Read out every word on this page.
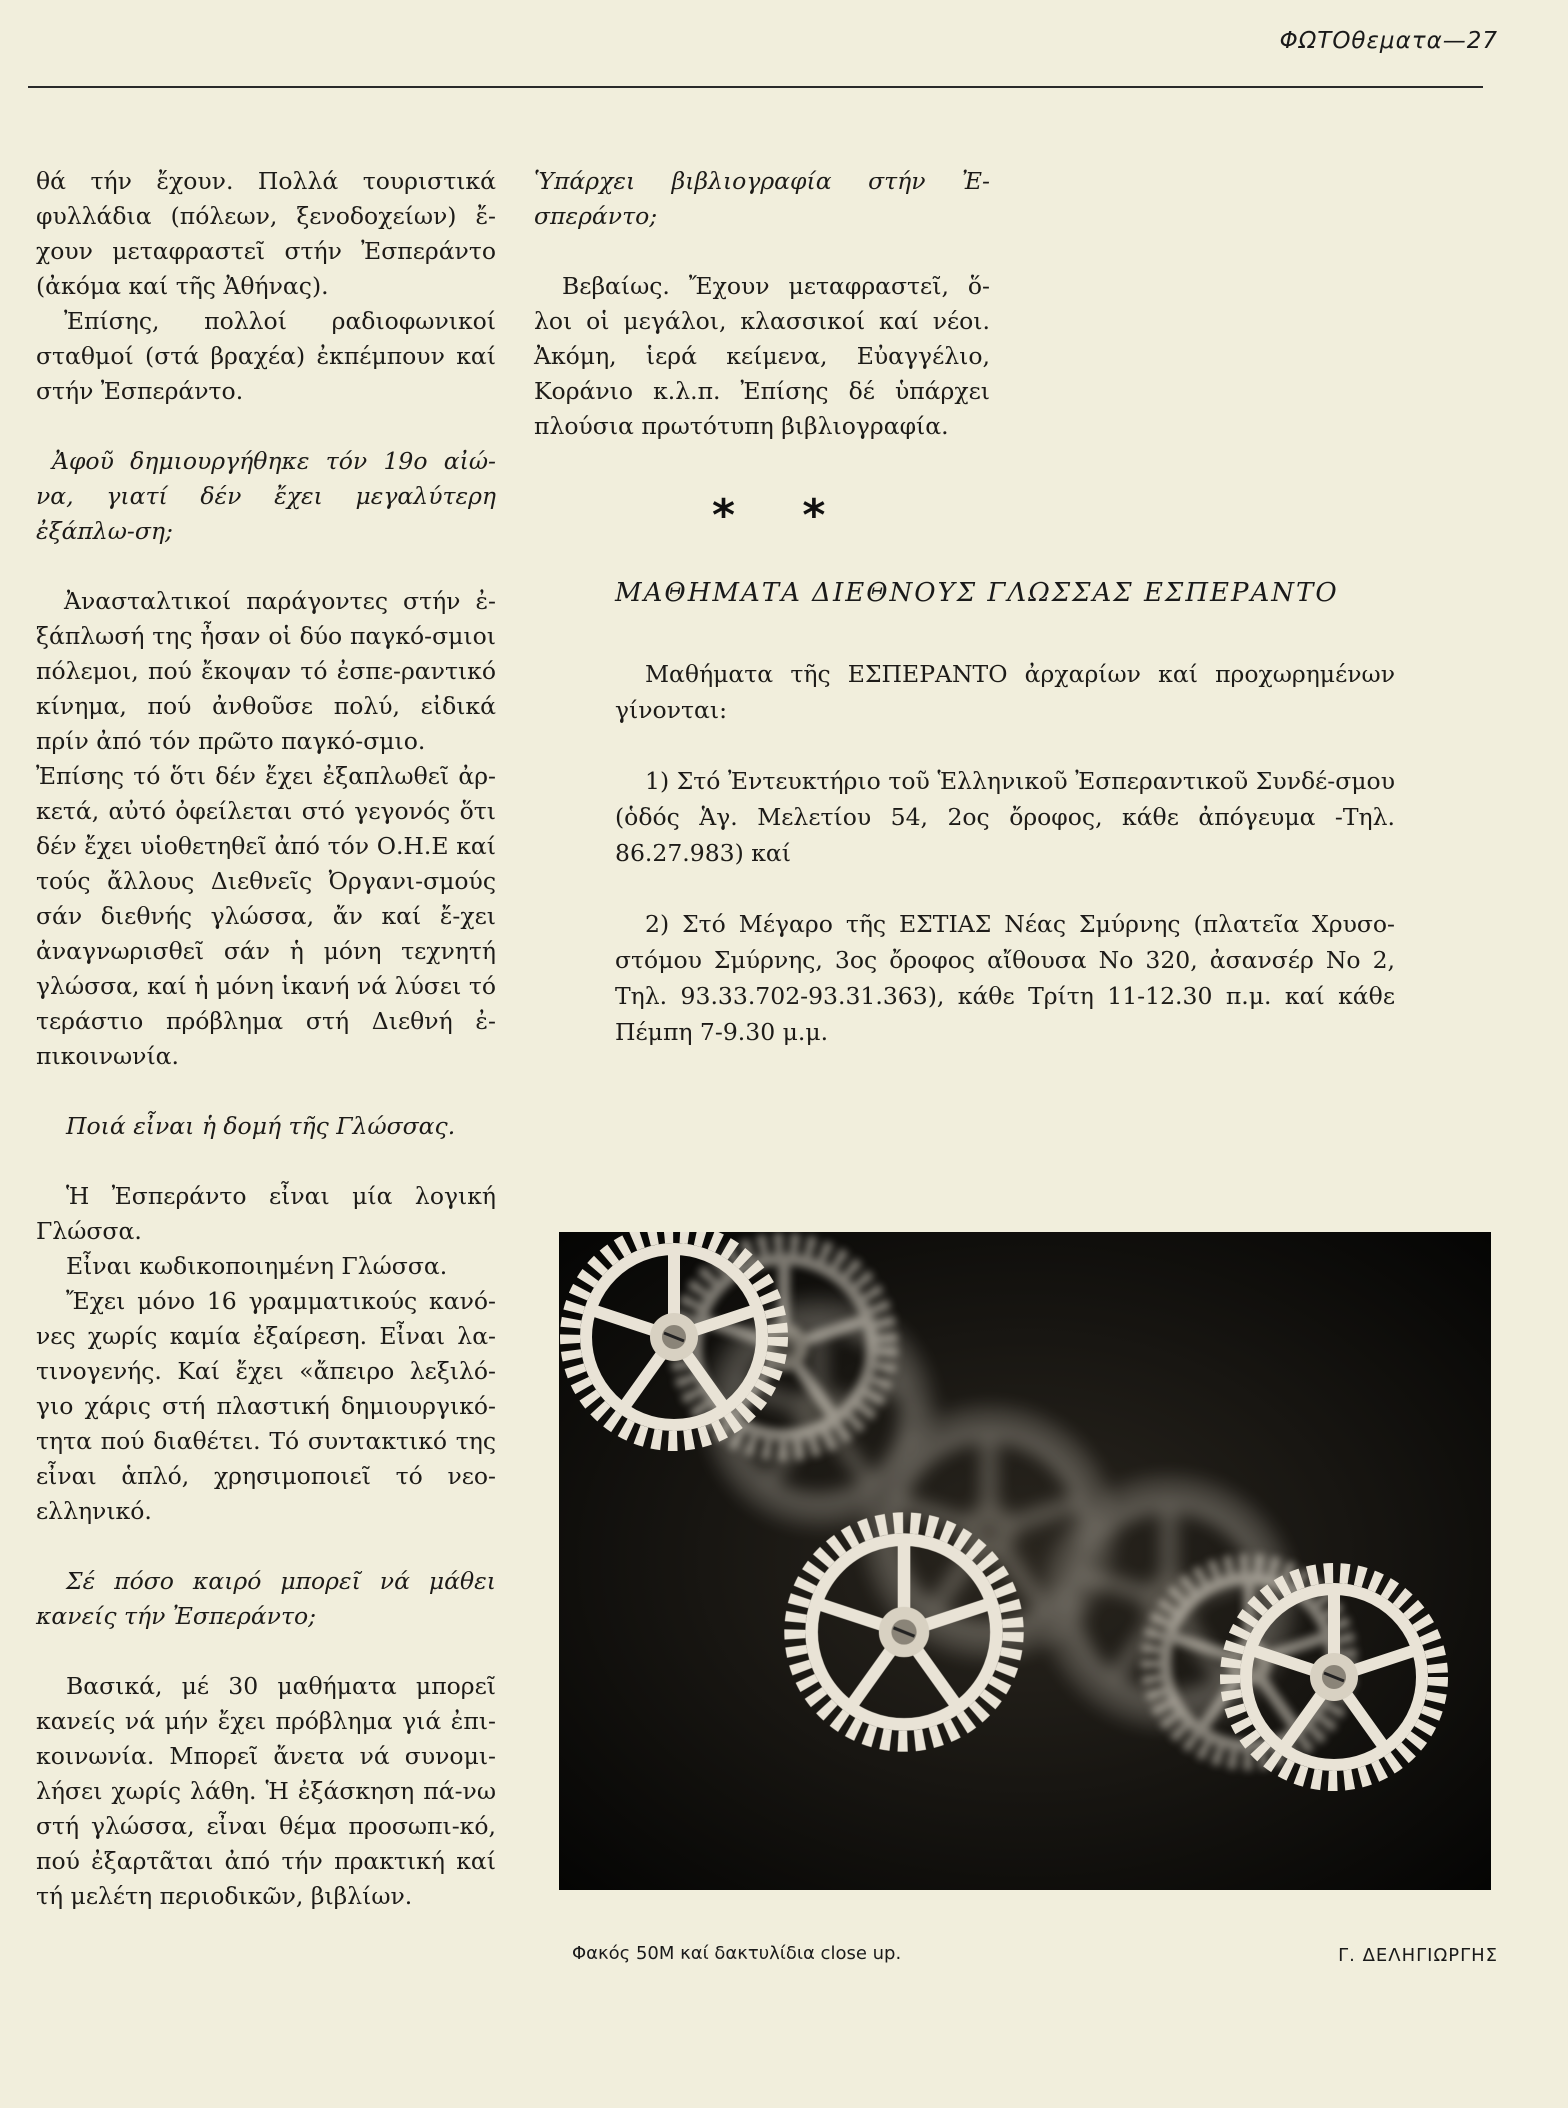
ΦΩΤΟθεματα—27

θά τήν ἔχουν. Πολλά τουριστικά φυλλάδια (πόλεων, ξενοδοχείων) ἔ-χουν μεταφραστεῖ στήν Ἐσπεράντο (ἀκόμα καί τῆς Ἀθήνας).

Ἐπίσης, πολλοί ραδιοφωνικοί σταθμοί (στά βραχέα) ἐκπέμπουν καί στήν Ἐσπεράντο.

Ἀφοῦ δημιουργήθηκε τόν 19ο αἰώ-να, γιατί δέν ἔχει μεγαλύτερη ἐξάπλω-ση;

Ἀνασταλτικοί παράγοντες στήν ἐ-ξάπλωσή της ἦσαν οἱ δύο παγκό-σμιοι πόλεμοι, πού ἔκοψαν τό ἐσπε-ραντικό κίνημα, πού ἀνθοῦσε πολύ, εἰδικά πρίν ἀπό τόν πρῶτο παγκό-σμιο.

Ἐπίσης τό ὅτι δέν ἔχει ἐξαπλωθεῖ ἀρ-κετά, αὐτό ὀφείλεται στό γεγονός ὅτι δέν ἔχει υἱοθετηθεῖ ἀπό τόν Ο.Η.Ε καί τούς ἄλλους Διεθνεῖς Ὀργανι-σμούς σάν διεθνής γλώσσα, ἄν καί ἔ-χει ἀναγνωρισθεῖ σάν ἡ μόνη τεχνητή γλώσσα, καί ἡ μόνη ἱκανή νά λύσει τό τεράστιο πρόβλημα στή Διεθνή ἐ-πικοινωνία.

Ποιά εἶναι ἡ δομή τῆς Γλώσσας.

Ἡ Ἐσπεράντο εἶναι μία λογική Γλώσσα.

Εἶναι κωδικοποιημένη Γλώσσα.

Ἔχει μόνο 16 γραμματικούς κανό-νες χωρίς καμία ἐξαίρεση. Εἶναι λα-τινογενής. Καί ἔχει «ἄπειρο λεξιλό-γιο χάρις στή πλαστική δημιουργικό-τητα πού διαθέτει. Τό συντακτικό της εἶναι ἁπλό, χρησιμοποιεῖ τό νεο-ελληνικό.

Σέ πόσο καιρό μπορεῖ νά μάθει κανείς τήν Ἐσπεράντο;

Βασικά, μέ 30 μαθήματα μπορεῖ κανείς νά μήν ἔχει πρόβλημα γιά ἐπι-κοινωνία. Μπορεῖ ἄνετα νά συνομι-λήσει χωρίς λάθη. Ἡ ἐξάσκηση πά-νω στή γλώσσα, εἶναι θέμα προσωπι-κό, πού ἐξαρτᾶται ἀπό τήν πρακτική καί τή μελέτη περιοδικῶν, βιβλίων.

Ὑπάρχει βιβλιογραφία στήν Ἐ-σπεράντο;

Βεβαίως. Ἔχουν μεταφραστεῖ, ὅ-λοι οἱ μεγάλοι, κλασσικοί καί νέοι. Ἀκόμη, ἱερά κείμενα, Εὐαγγέλιο, Κοράνιο κ.λ.π. Ἐπίσης δέ ὑπάρχει πλούσια πρωτότυπη βιβλιογραφία.

* *
ΜΑΘΗΜΑΤΑ ΔΙΕΘΝΟΥΣ ΓΛΩΣΣΑΣ ΕΣΠΕΡΑΝΤΟ

Μαθήματα τῆς ΕΣΠΕΡΑΝΤΟ ἀρχαρίων καί προχωρημένων γίνονται:

1) Στό Ἐντευκτήριο τοῦ Ἑλληνικοῦ Ἐσπεραντικοῦ Συνδέ-σμου (ὁδός Ἁγ. Μελετίου 54, 2ος ὄροφος, κάθε ἀπόγευμα -Τηλ. 86.27.983) καί

2) Στό Μέγαρο τῆς ΕΣΤΙΑΣ Νέας Σμύρνης (πλατεῖα Χρυσο-στόμου Σμύρνης, 3ος ὄροφος αἴθουσα Νο 320, ἀσανσέρ Νο 2, Τηλ. 93.33.702-93.31.363), κάθε Τρίτη 11-12.30 π.μ. καί κάθε Πέμπη 7-9.30 μ.μ.

Φακός 50M καί δακτυλίδια close up.	Γ. ΔΕΛΗΓΙΩΡΓΗΣ
